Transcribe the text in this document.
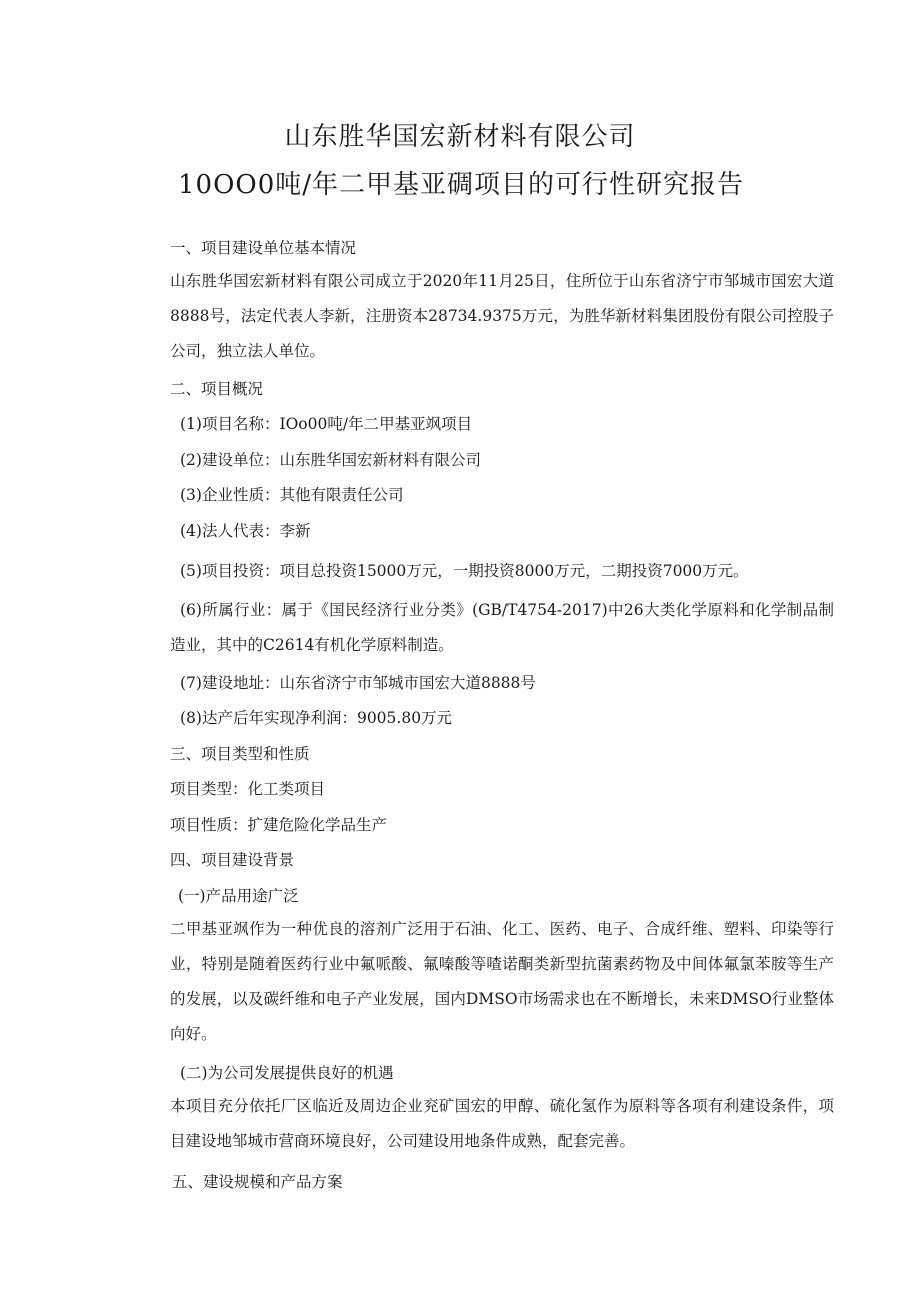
山东胜华国宏新材料有限公司
10OO0吨/年二甲基亚碉项目的可行性研究报告
一、项目建设单位基本情况

山东胜华国宏新材料有限公司成立于2020年11月25日，住所位于山东省济宁市邹城市国宏大道8888号，法定代表人李新，注册资本28734.9375万元，为胜华新材料集团股份有限公司控股子公司，独立法人单位。

二、项目概况
(1)项目名称：IOo00吨/年二甲基亚飒项目
(2)建设单位：山东胜华国宏新材料有限公司
(3)企业性质：其他有限责任公司
(4)法人代表：李新
(5)项目投资：项目总投资15000万元，一期投资8000万元，二期投资7000万元。

(6)所属行业：属于《国民经济行业分类》(GB/T4754-2017)中26大类化学原料和化学制品制造业，其中的C2614有机化学原料制造。

(7)建设地址：山东省济宁市邹城市国宏大道8888号
(8)达产后年实现净利润：9005.80万元
三、项目类型和性质
项目类型：化工类项目
项目性质：扩建危险化学品生产
四、项目建设背景
(一)产品用途广泛

二甲基亚飒作为一种优良的溶剂广泛用于石油、化工、医药、电子、合成纤维、塑料、印染等行业，特别是随着医药行业中氟哌酸、氟嗪酸等喳诺酮类新型抗菌素药物及中间体氟氯苯胺等生产的发展，以及碳纤维和电子产业发展，国内DMSO市场需求也在不断增长，未来DMSO行业整体向好。

(二)为公司发展提供良好的机遇

本项目充分依托厂区临近及周边企业兖矿国宏的甲醇、硫化氢作为原料等各项有利建设条件，项目建设地邹城市营商环境良好，公司建设用地条件成熟，配套完善。

五、建设规模和产品方案
